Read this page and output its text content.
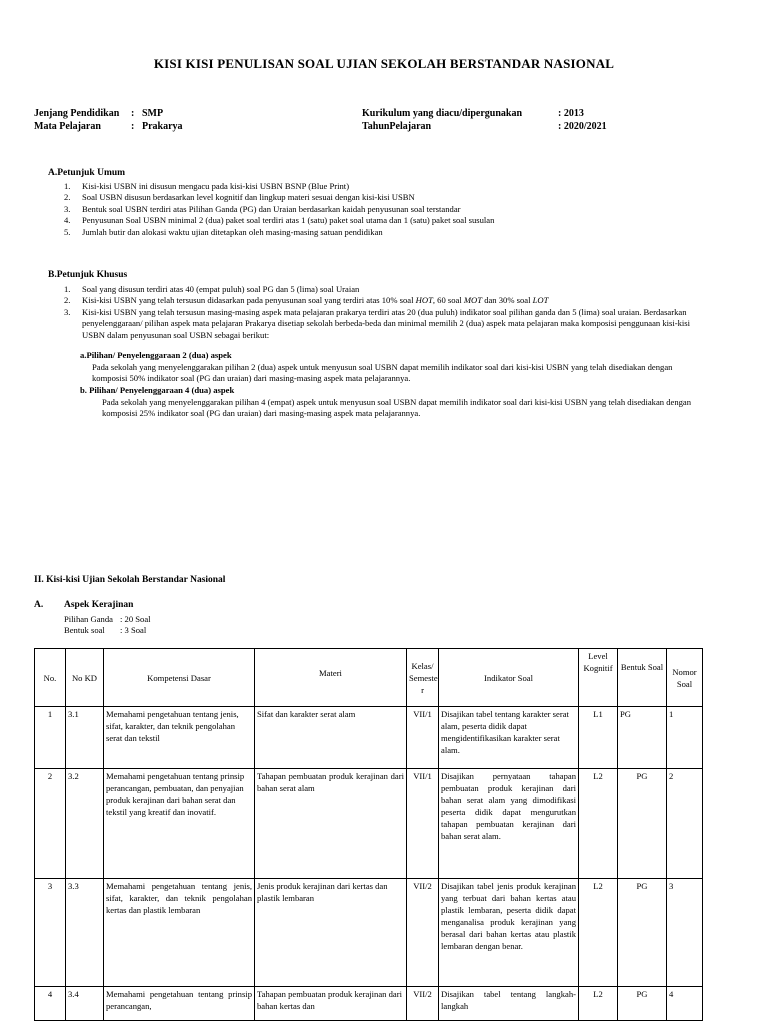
KISI KISI PENULISAN SOAL UJIAN SEKOLAH BERSTANDAR NASIONAL
Jenjang Pendidikan : SMP
Mata Pelajaran	: Prakarya
Kurikulum yang diacu/dipergunakan	: 2013
TahunPelajaran	: 2020/2021
A.Petunjuk Umum
1. Kisi-kisi USBN ini disusun mengacu pada kisi-kisi USBN BSNP (Blue Print)
2. Soal USBN disusun berdasarkan level kognitif dan lingkup materi sesuai dengan kisi-kisi USBN
3. Bentuk soal USBN terdiri atas Pilihan Ganda (PG) dan Uraian berdasarkan kaidah penyusunan soal terstandar
4. Penyusunan Soal USBN minimal 2 (dua) paket soal terdiri atas 1 (satu) paket soal utama dan 1 (satu) paket soal susulan
5. Jumlah butir dan alokasi waktu ujian ditetapkan oleh masing-masing satuan pendidikan
B.Petunjuk Khusus
1. Soal yang disusun terdiri atas 40 (empat puluh) soal PG dan 5 (lima) soal Uraian
2. Kisi-kisi USBN yang telah tersusun didasarkan pada penyusunan soal yang terdiri atas 10% soal HOT, 60 soal MOT dan 30% soal LOT
3. Kisi-kisi USBN yang telah tersusun masing-masing aspek mata pelajaran prakarya terdiri atas 20 (dua puluh) indikator soal pilihan ganda dan 5 (lima) soal uraian. Berdasarkan penyelenggaraan/ pilihan aspek mata pelajaran Prakarya disetiap sekolah berbeda-beda dan minimal memilih 2 (dua) aspek mata pelajaran maka komposisi penggunaan kisi-kisi USBN dalam penyusunan soal USBN sebagai berikut:
a.Pilihan/ Penyelenggaraan 2 (dua) aspek
Pada sekolah yang menyelenggarakan pilihan 2 (dua) aspek untuk menyusun soal USBN dapat memilih indikator soal dari kisi-kisi USBN yang telah disediakan dengan komposisi 50% indikator soal (PG dan uraian) dari masing-masing aspek mata pelajarannya.
b. Pilihan/ Penyelenggaraan 4 (dua) aspek
Pada sekolah yang menyelenggarakan pilihan 4 (empat) aspek untuk menyusun soal USBN dapat memilih indikator soal dari kisi-kisi USBN yang telah disediakan dengan komposisi 25% indikator soal (PG dan uraian) dari masing-masing aspek mata pelajarannya.
II. Kisi-kisi Ujian Sekolah Berstandar Nasional
A. Aspek Kerajinan
Pilihan Ganda : 20 Soal
Bentuk soal : 3 Soal
No.	No KD	Kompetensi Dasar	Materi	Kelas/ Semeste r	Indikator Soal	Level Kognitif	Bentuk Soal	Nomor Soal
1	3.1	Memahami pengetahuan tentang jenis, sifat, karakter, dan teknik pengolahan serat dan tekstil	Sifat dan karakter serat alam	VII/1	Disajikan tabel tentang karakter serat alam, peserta didik dapat mengidentifikasikan karakter serat alam.	L1	PG	1
2	3.2	Memahami pengetahuan tentang prinsip perancangan, pembuatan, dan penyajian produk kerajinan dari bahan serat dan tekstil yang kreatif dan inovatif.	Tahapan pembuatan produk kerajinan dari bahan serat alam	VII/1	Disajikan pernyataan tahapan pembuatan produk kerajinan dari bahan serat alam yang dimodifikasi peserta didik dapat mengurutkan tahapan pembuatan kerajinan dari bahan serat alam.	L2	PG	2
3	3.3	Memahami pengetahuan tentang jenis, sifat, karakter, dan teknik pengolahan kertas dan plastik lembaran	Jenis produk kerajinan dari kertas dan plastik lembaran	VII/2	Disajikan tabel jenis produk kerajinan yang terbuat dari bahan kertas atau plastik lembaran, peserta didik dapat menganalisa produk kerajinan yang berasal dari bahan kertas atau plastik lembaran dengan benar.	L2	PG	3
4	3.4	Memahami pengetahuan tentang prinsip perancangan,	Tahapan pembuatan produk kerajinan dari bahan kertas dan	VII/2	Disajikan tabel tentang langkah-langkah	L2	PG	4
